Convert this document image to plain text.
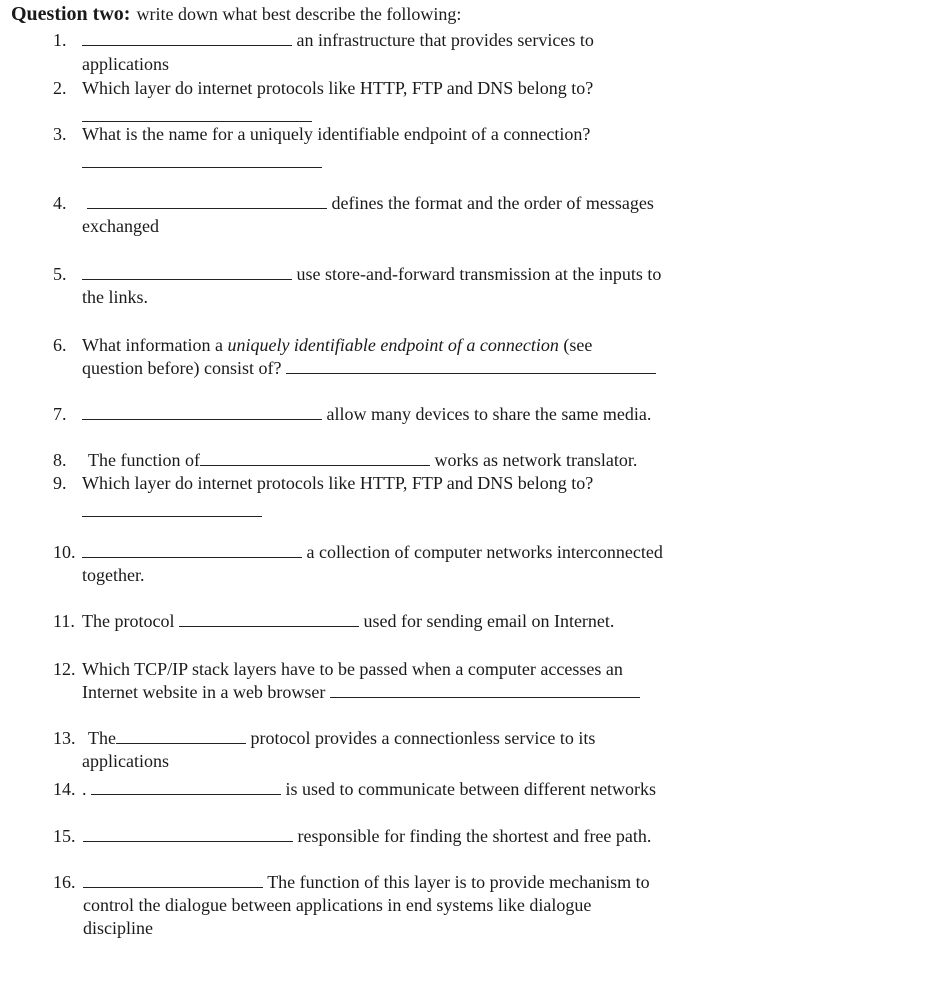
Question two: write down what best describe the following:
1.	an infrastructure that provides services to
applications
2. Which layer do internet protocols like HTTP, FTP and DNS belong to?
3. What is the name for a uniquely identifiable endpoint of a connection?
4.	defines the format and the order of messages
exchanged
5.	use store-and-forward transmission at the inputs to
the links.
6. What information a uniquely identifiable endpoint of a connection (see
question before) consist of?
7.	allow many devices to share the same media.
8. The function of	works as network translator.
9. Which layer do internet protocols like HTTP, FTP and DNS belong to?
10.	a collection of computer networks interconnected
together.
11. The protocol	used for sending email on Internet.
12. Which TCP/IP stack layers have to be passed when a computer accesses an
Internet website in a web browser
13. The	protocol provides a connectionless service to its
applications
14. .	is used to communicate between different networks
15.	responsible for finding the shortest and free path.
16.	The function of this layer is to provide mechanism to
control the dialogue between applications in end systems like dialogue
discipline
